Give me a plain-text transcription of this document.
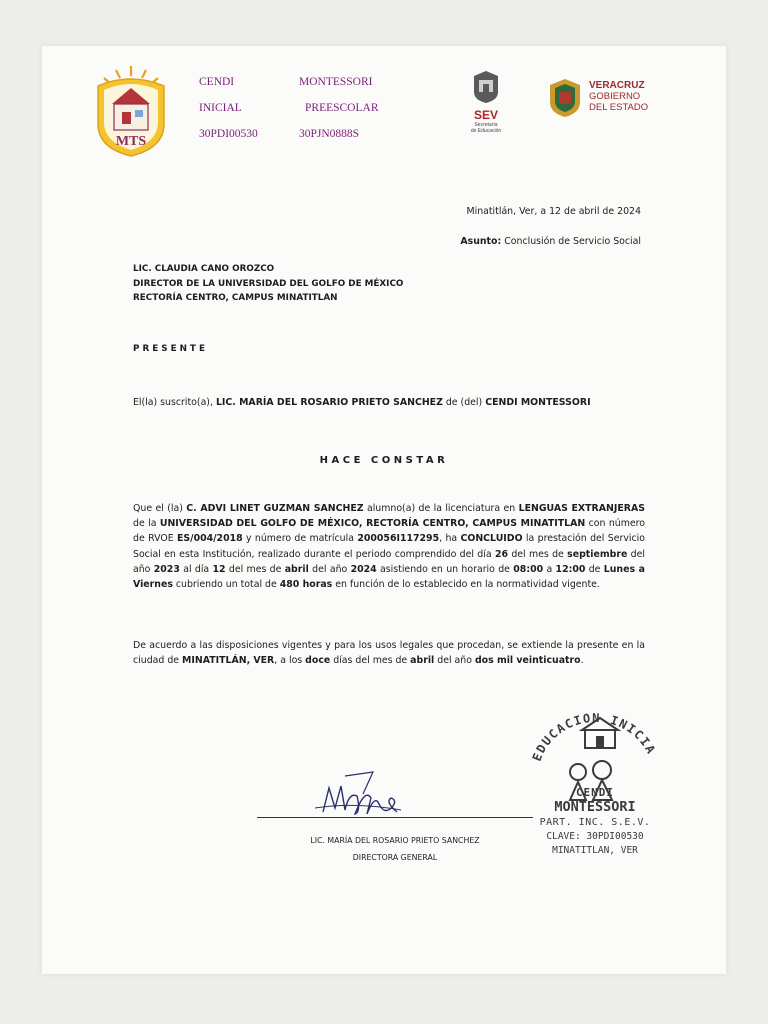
MTS
CENDI
INICIAL
30PDI00530
MONTESSORI
PREESCOLAR
30PJN0888S
SEV
Secretaría
de Educación
VERACRUZ
GOBIERNO
DEL ESTADO
Minatitlán, Ver, a 12 de abril de 2024
Asunto: Conclusión de Servicio Social
LIC. CLAUDIA CANO OROZCO
DIRECTOR DE LA UNIVERSIDAD DEL GOLFO DE MÉXICO
RECTORÍA CENTRO, CAMPUS MINATITLAN
PRESENTE
El(la) suscrito(a), LIC. MARÍA DEL ROSARIO PRIETO SANCHEZ de (del) CENDI MONTESSORI
HACE CONSTAR
Que el (la) C. ADVI LINET GUZMAN SANCHEZ alumno(a) de la licenciatura en LENGUAS EXTRANJERAS de la UNIVERSIDAD DEL GOLFO DE MÉXICO, RECTORÍA CENTRO, CAMPUS MINATITLAN con número de RVOE ES/004/2018 y número de matrícula 200056I117295, ha CONCLUIDO la prestación del Servicio Social en esta Institución, realizado durante el periodo comprendido del día 26 del mes de septiembre del año 2023 al día 12 del mes de abril del año 2024 asistiendo en un horario de 08:00 a 12:00 de Lunes a Viernes cubriendo un total de 480 horas en función de lo establecido en la normatividad vigente.
De acuerdo a las disposiciones vigentes y para los usos legales que procedan, se extiende la presente en la ciudad de MINATITLÁN, VER, a los doce días del mes de abril del año dos mil veinticuatro.
LIC. MARÍA DEL ROSARIO PRIETO SANCHEZ
DIRECTORA GENERAL
EDUCACION INICIA
CENDI
MONTESSORI
PART. INC. S.E.V.
CLAVE: 30PDI00530
MINATITLAN, VER
